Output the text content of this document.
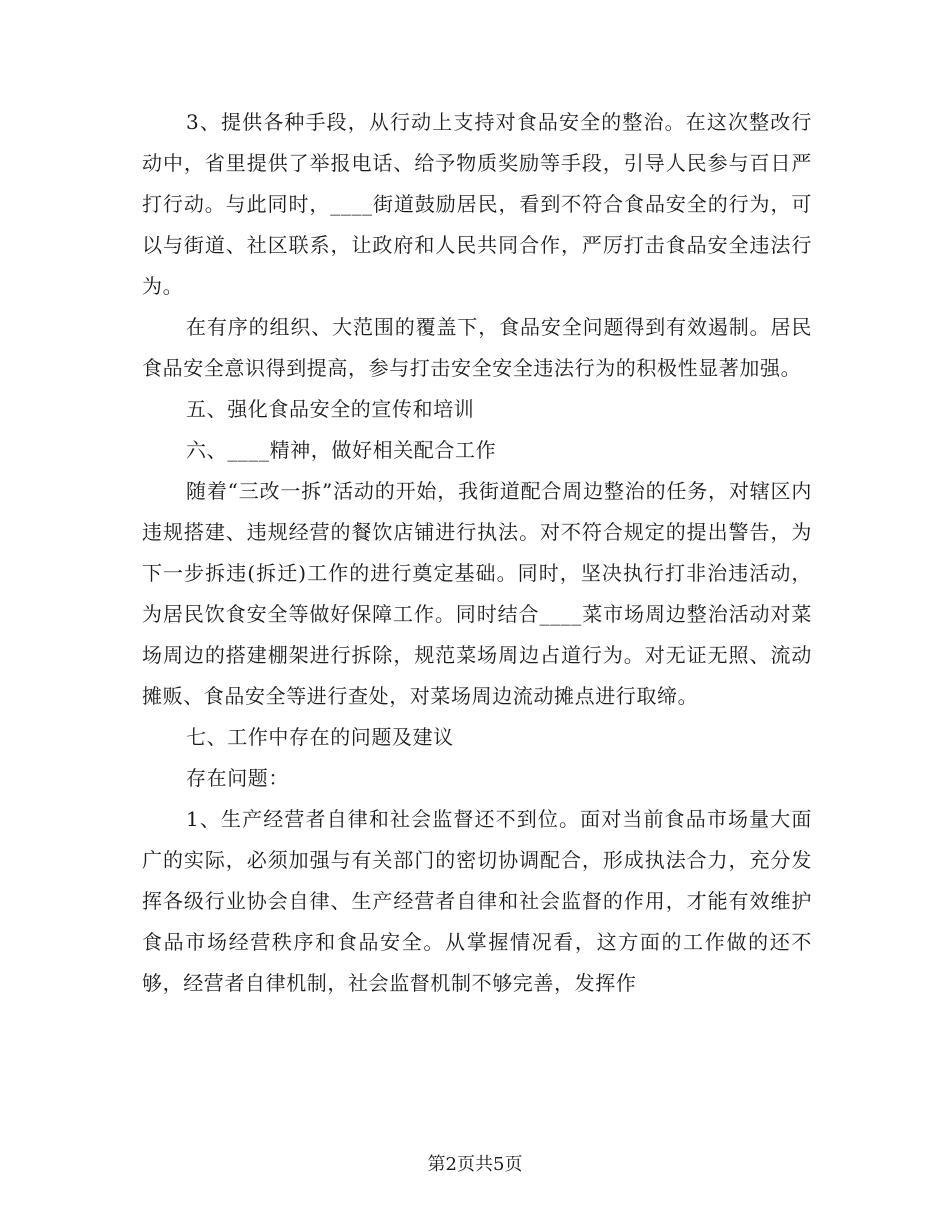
3、提供各种手段，从行动上支持对食品安全的整治。在这次整改行动中，省里提供了举报电话、给予物质奖励等手段，引导人民参与百日严打行动。与此同时，____街道鼓励居民，看到不符合食品安全的行为，可以与街道、社区联系，让政府和人民共同合作，严厉打击食品安全违法行为。

在有序的组织、大范围的覆盖下，食品安全问题得到有效遏制。居民食品安全意识得到提高，参与打击安全安全违法行为的积极性显著加强。

五、强化食品安全的宣传和培训

六、____精神，做好相关配合工作

随着“三改一拆”活动的开始，我街道配合周边整治的任务，对辖区内违规搭建、违规经营的餐饮店铺进行执法。对不符合规定的提出警告，为下一步拆违(拆迁)工作的进行奠定基础。同时，坚决执行打非治违活动，为居民饮食安全等做好保障工作。同时结合____菜市场周边整治活动对菜场周边的搭建棚架进行拆除，规范菜场周边占道行为。对无证无照、流动摊贩、食品安全等进行查处，对菜场周边流动摊点进行取缔。

七、工作中存在的问题及建议

存在问题：

1、生产经营者自律和社会监督还不到位。面对当前食品市场量大面广的实际，必须加强与有关部门的密切协调配合，形成执法合力，充分发挥各级行业协会自律、生产经营者自律和社会监督的作用，才能有效维护食品市场经营秩序和食品安全。从掌握情况看，这方面的工作做的还不够，经营者自律机制，社会监督机制不够完善，发挥作

第2页共5页
